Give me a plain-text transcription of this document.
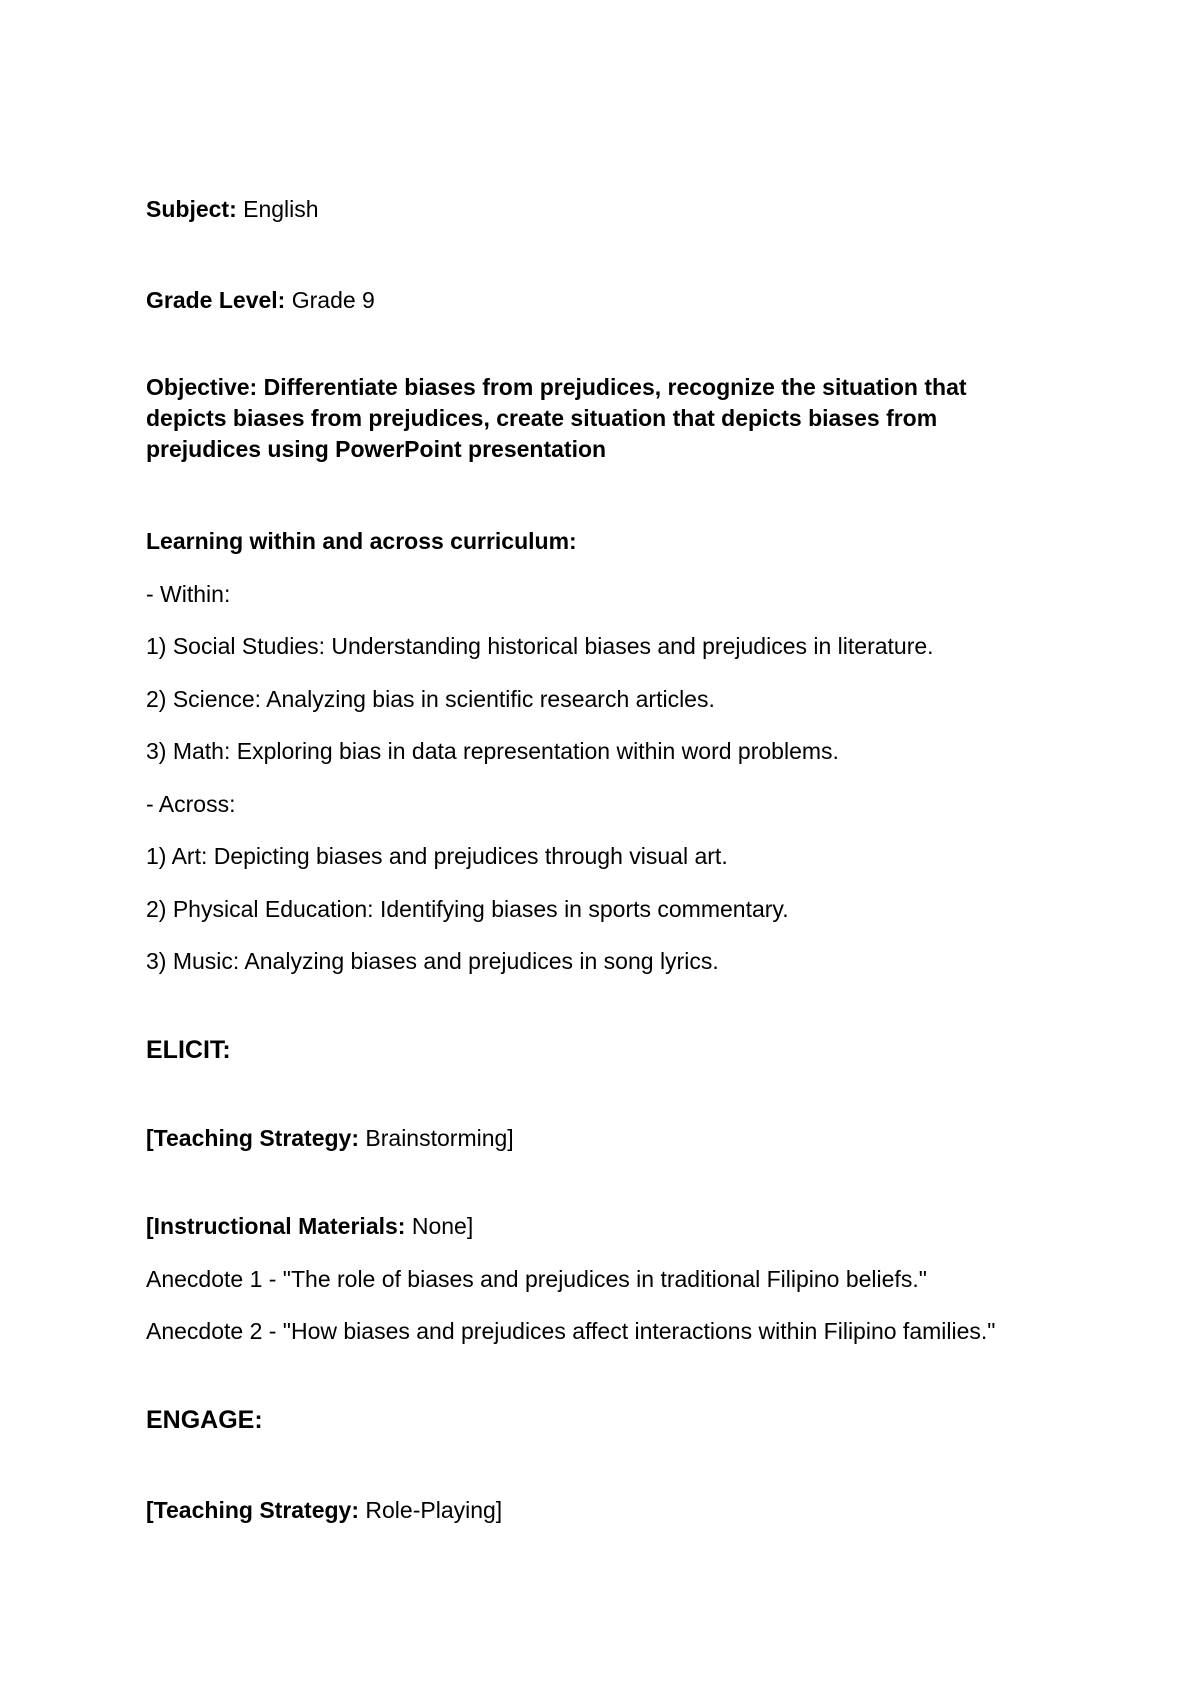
Subject: English
Grade Level: Grade 9
Objective: Differentiate biases from prejudices, recognize the situation that depicts biases from prejudices, create situation that depicts biases from prejudices using PowerPoint presentation
Learning within and across curriculum:
- Within:
1) Social Studies: Understanding historical biases and prejudices in literature.
2) Science: Analyzing bias in scientific research articles.
3) Math: Exploring bias in data representation within word problems.
- Across:
1) Art: Depicting biases and prejudices through visual art.
2) Physical Education: Identifying biases in sports commentary.
3) Music: Analyzing biases and prejudices in song lyrics.
ELICIT:
[Teaching Strategy: Brainstorming]
[Instructional Materials: None]
Anecdote 1 - "The role of biases and prejudices in traditional Filipino beliefs."
Anecdote 2 - "How biases and prejudices affect interactions within Filipino families."
ENGAGE:
[Teaching Strategy: Role-Playing]
